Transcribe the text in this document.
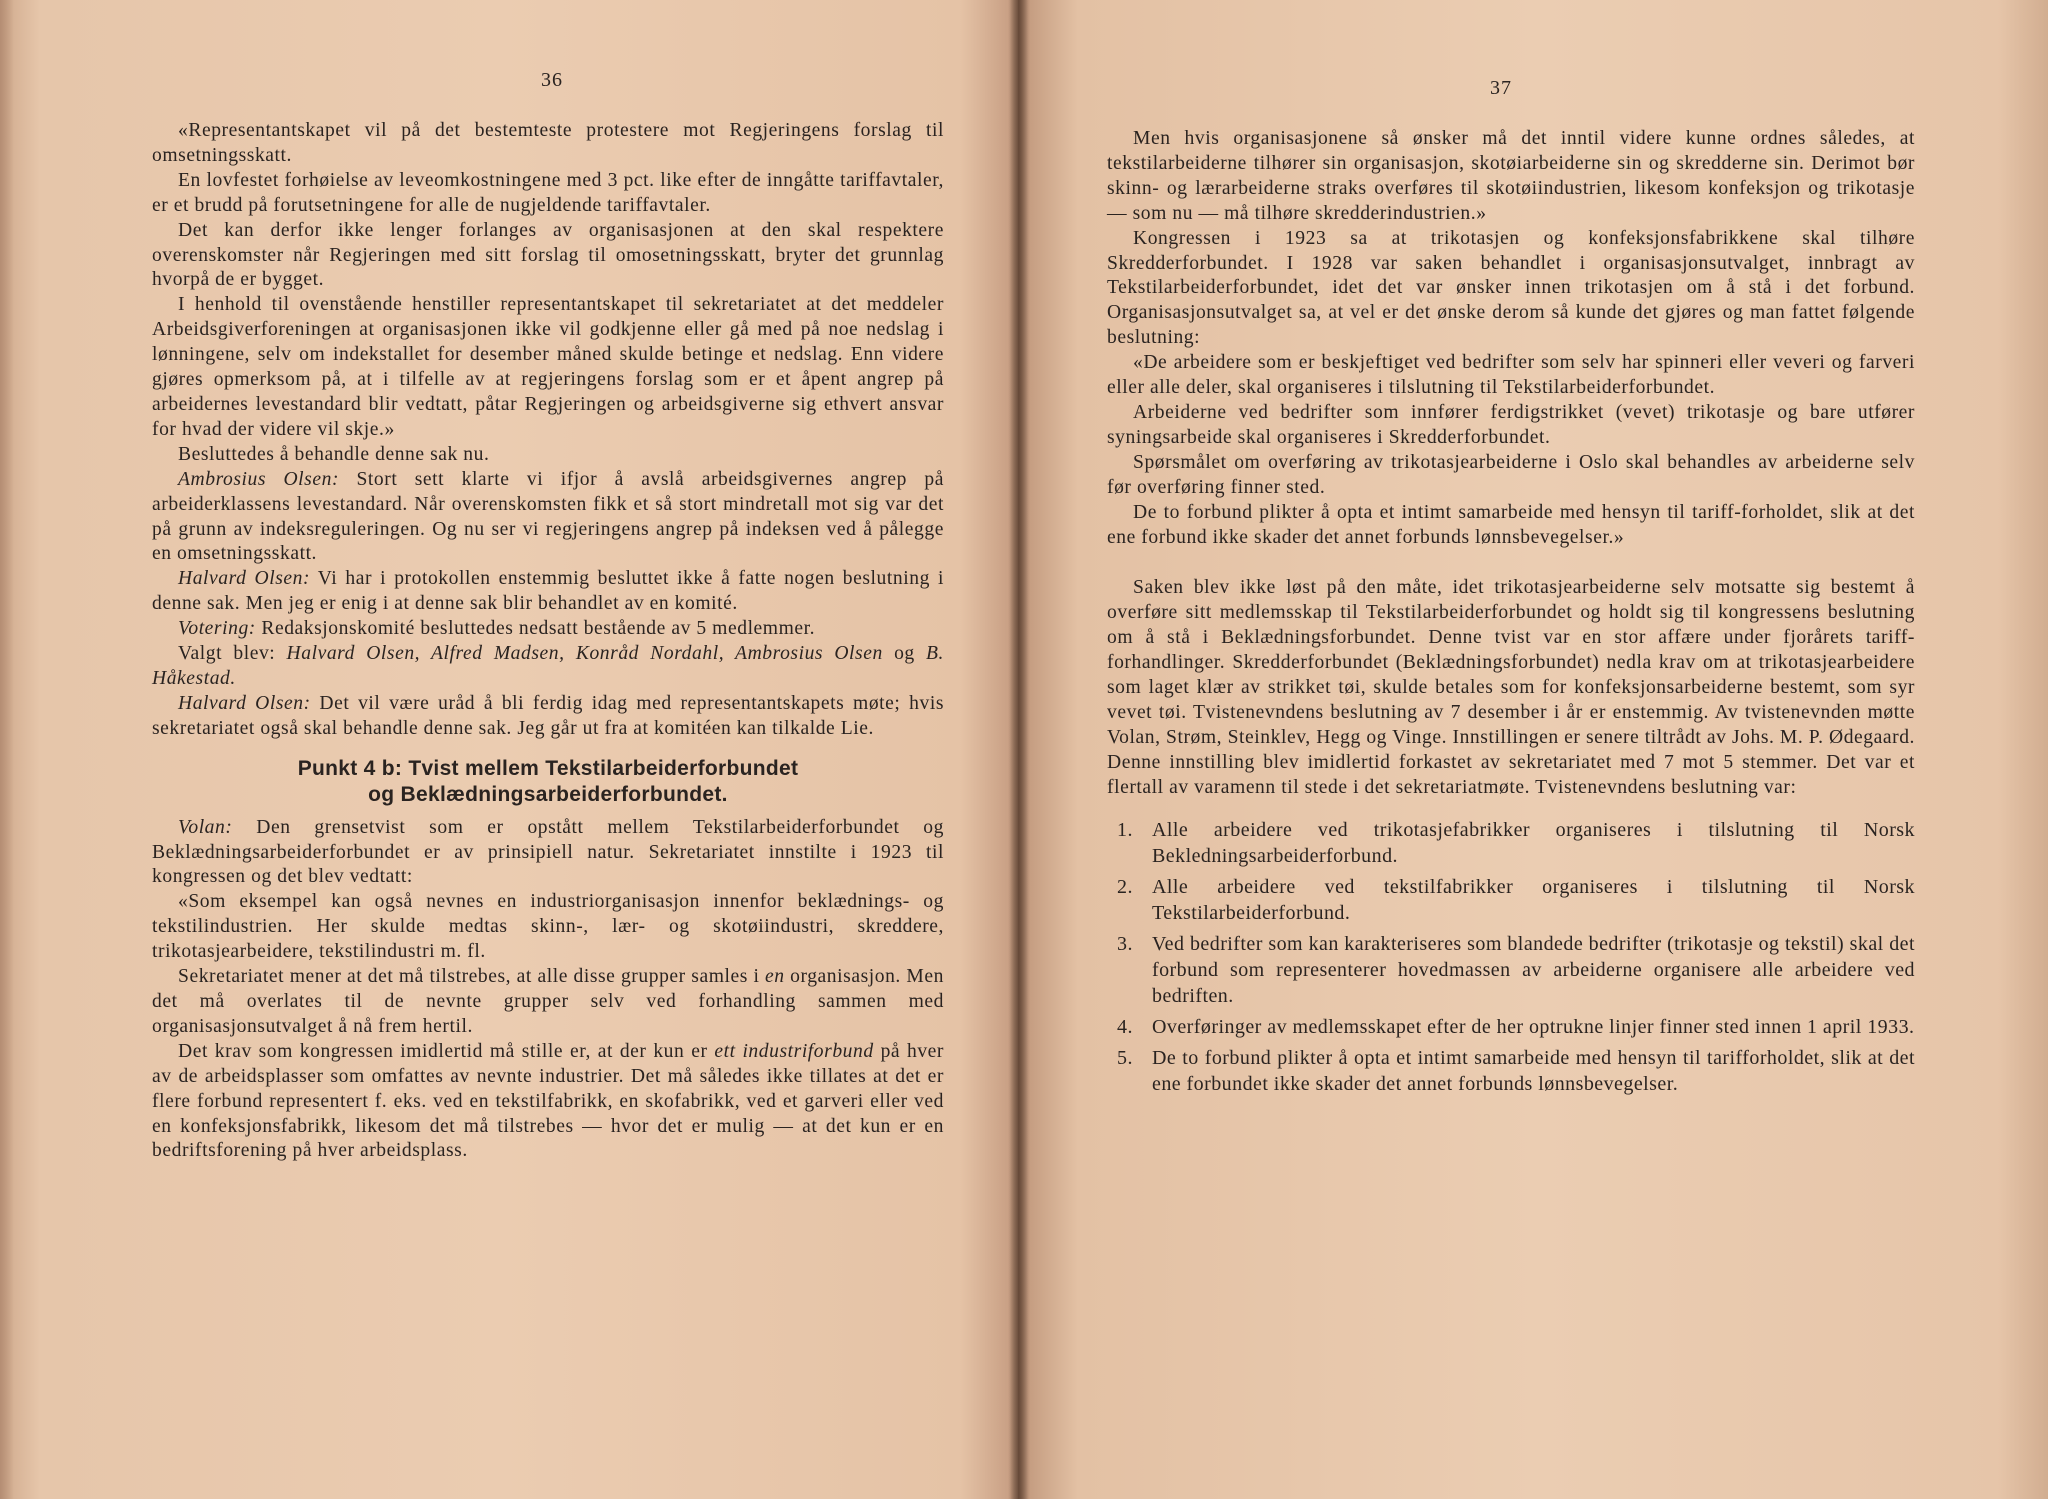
36

«Representantskapet vil på det bestemteste protestere mot Regjeringens forslag til omsetningsskatt.

En lovfestet forhøielse av leveomkostningene med 3 pct. like efter de inngåtte tariffavtaler, er et brudd på forutsetningene for alle de nugjeldende tariffavtaler.

Det kan derfor ikke lenger forlanges av organisasjonen at den skal respektere overenskomster når Regjeringen med sitt forslag til omosetningsskatt, bryter det grunnlag hvorpå de er bygget.

I henhold til ovenstående henstiller representantskapet til sekretariatet at det meddeler Arbeidsgiverforeningen at organisasjonen ikke vil godkjenne eller gå med på noe nedslag i lønningene, selv om indekstallet for desember måned skulde betinge et nedslag. Enn videre gjøres opmerksom på, at i tilfelle av at regjeringens forslag som er et åpent angrep på arbeidernes levestandard blir vedtatt, påtar Regjeringen og arbeidsgiverne sig ethvert ansvar for hvad der videre vil skje.»

Besluttedes å behandle denne sak nu.

Ambrosius Olsen: Stort sett klarte vi ifjor å avslå arbeidsgivernes angrep på arbeiderklassens levestandard. Når overenskomsten fikk et så stort mindretall mot sig var det på grunn av indeksreguleringen. Og nu ser vi regjeringens angrep på indeksen ved å pålegge en omsetningsskatt.

Halvard Olsen: Vi har i protokollen enstemmig besluttet ikke å fatte nogen beslutning i denne sak. Men jeg er enig i at denne sak blir behandlet av en komité.

Votering: Redaksjonskomité besluttedes nedsatt bestående av 5 medlemmer.

Valgt blev: Halvard Olsen, Alfred Madsen, Konråd Nordahl, Ambrosius Olsen og B. Håkestad.

Halvard Olsen: Det vil være uråd å bli ferdig idag med representantskapets møte; hvis sekretariatet også skal behandle denne sak. Jeg går ut fra at komitéen kan tilkalde Lie.

Punkt 4 b: Tvist mellem Tekstilarbeiderforbundet
og Beklædningsarbeiderforbundet.

Volan: Den grensetvist som er opstått mellem Tekstilarbeiderforbundet og Beklædningsarbeiderforbundet er av prinsipiell natur. Sekretariatet innstilte i 1923 til kongressen og det blev vedtatt:

«Som eksempel kan også nevnes en industriorganisasjon innenfor beklædnings- og tekstilindustrien. Her skulde medtas skinn-, lær- og skotøiindustri, skreddere, trikotasjearbeidere, tekstilindustri m. fl.

Sekretariatet mener at det må tilstrebes, at alle disse grupper samles i en organisasjon. Men det må overlates til de nevnte grupper selv ved forhandling sammen med organisasjonsutvalget å nå frem hertil.

Det krav som kongressen imidlertid må stille er, at der kun er ett industriforbund på hver av de arbeidsplasser som omfattes av nevnte industrier. Det må således ikke tillates at det er flere forbund representert f. eks. ved en tekstilfabrikk, en skofabrikk, ved et garveri eller ved en konfeksjonsfabrikk, likesom det må tilstrebes — hvor det er mulig — at det kun er en bedriftsforening på hver arbeidsplass.

37

Men hvis organisasjonene så ønsker må det inntil videre kunne ordnes således, at tekstilarbeiderne tilhører sin organisasjon, skotøiarbeiderne sin og skredderne sin. Derimot bør skinn- og lærarbeiderne straks overføres til skotøiindustrien, likesom konfeksjon og trikotasje — som nu — må tilhøre skredderindustrien.»

Kongressen i 1923 sa at trikotasjen og konfeksjonsfabrikkene skal tilhøre Skredderforbundet. I 1928 var saken behandlet i organisasjonsutvalget, innbragt av Tekstilarbeiderforbundet, idet det var ønsker innen trikotasjen om å stå i det forbund. Organisasjonsutvalget sa, at vel er det ønske derom så kunde det gjøres og man fattet følgende beslutning:

«De arbeidere som er beskjeftiget ved bedrifter som selv har spinneri eller veveri og farveri eller alle deler, skal organiseres i tilslutning til Tekstilarbeiderforbundet.

Arbeiderne ved bedrifter som innfører ferdigstrikket (vevet) trikotasje og bare utfører syningsarbeide skal organiseres i Skredderforbundet.

Spørsmålet om overføring av trikotasjearbeiderne i Oslo skal behandles av arbeiderne selv før overføring finner sted.

De to forbund plikter å opta et intimt samarbeide med hensyn til tariff-forholdet, slik at det ene forbund ikke skader det annet forbunds lønnsbevegelser.»

Saken blev ikke løst på den måte, idet trikotasjearbeiderne selv motsatte sig bestemt å overføre sitt medlemsskap til Tekstilarbeiderforbundet og holdt sig til kongressens beslutning om å stå i Beklædningsforbundet. Denne tvist var en stor affære under fjorårets tariff-forhandlinger. Skredderforbundet (Beklædningsforbundet) nedla krav om at trikotasjearbeidere som laget klær av strikket tøi, skulde betales som for konfeksjonsarbeiderne bestemt, som syr vevet tøi. Tvistenevndens beslutning av 7 desember i år er enstemmig. Av tvistenevnden møtte Volan, Strøm, Steinklev, Hegg og Vinge. Innstillingen er senere tiltrådt av Johs. M. P. Ødegaard. Denne innstilling blev imidlertid forkastet av sekretariatet med 7 mot 5 stemmer. Det var et flertall av varamenn til stede i det sekretariatmøte. Tvistenevndens beslutning var:

1. Alle arbeidere ved trikotasjefabrikker organiseres i tilslutning til Norsk Bekledningsarbeiderforbund.
2. Alle arbeidere ved tekstilfabrikker organiseres i tilslutning til Norsk Tekstilarbeiderforbund.
3. Ved bedrifter som kan karakteriseres som blandede bedrifter (trikotasje og tekstil) skal det forbund som representerer hovedmassen av arbeiderne organisere alle arbeidere ved bedriften.
4. Overføringer av medlemsskapet efter de her optrukne linjer finner sted innen 1 april 1933.
5. De to forbund plikter å opta et intimt samarbeide med hensyn til tarifforholdet, slik at det ene forbundet ikke skader det annet forbunds lønnsbevegelser.
